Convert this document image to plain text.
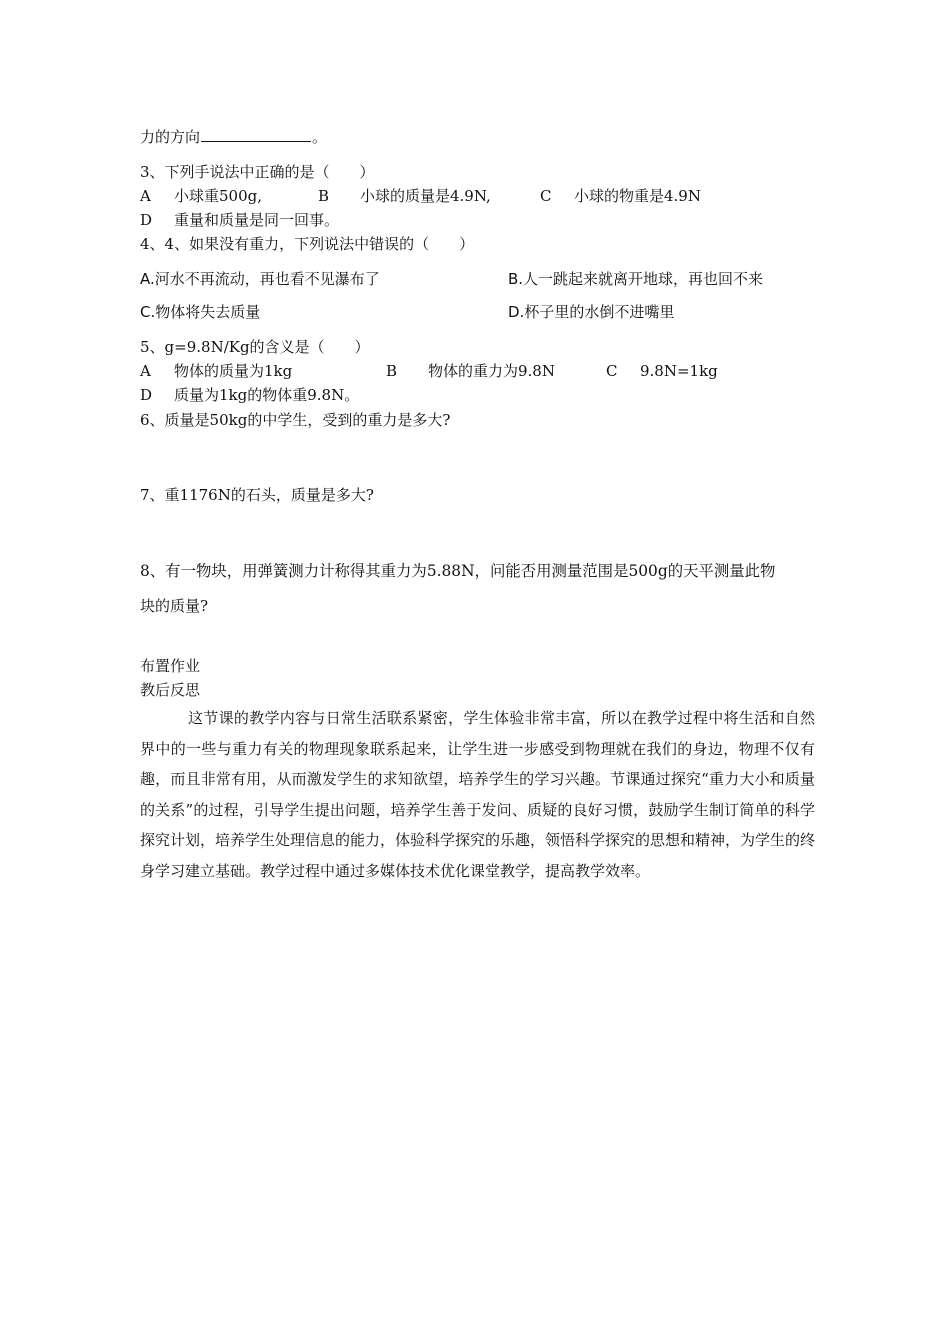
力的方向	。
3、下列手说法中正确的是（　　）
A 小球重500g,	B 小球的质量是4.9N,	C 小球的物重是4.9N
D 重量和质量是同一回事。
4、4、如果没有重力，下列说法中错误的（　　）
A.河水不再流动，再也看不见瀑布了	B.人一跳起来就离开地球，再也回不来
C.物体将失去质量	D.杯子里的水倒不进嘴里
5、g=9.8N/Kg的含义是（　　）
A 物体的质量为1kg	B 物体的重力为9.8N	C 9.8N=1kg
D 质量为1kg的物体重9.8N。
6、质量是50kg的中学生，受到的重力是多大?
7、重1176N的石头，质量是多大?
8、有一物块，用弹簧测力计称得其重力为5.88N，问能否用测量范围是500g的天平测量此物
块的质量?
布置作业
教后反思

这节课的教学内容与日常生活联系紧密，学生体验非常丰富，所以在教学过程中将生活和自然界中的一些与重力有关的物理现象联系起来，让学生进一步感受到物理就在我们的身边，物理不仅有趣，而且非常有用，从而激发学生的求知欲望，培养学生的学习兴趣。节课通过探究“重力大小和质量的关系”的过程，引导学生提出问题，培养学生善于发问、质疑的良好习惯，鼓励学生制订简单的科学探究计划，培养学生处理信息的能力，体验科学探究的乐趣，领悟科学探究的思想和精神，为学生的终身学习建立基础。教学过程中通过多媒体技术优化课堂教学，提高教学效率。
